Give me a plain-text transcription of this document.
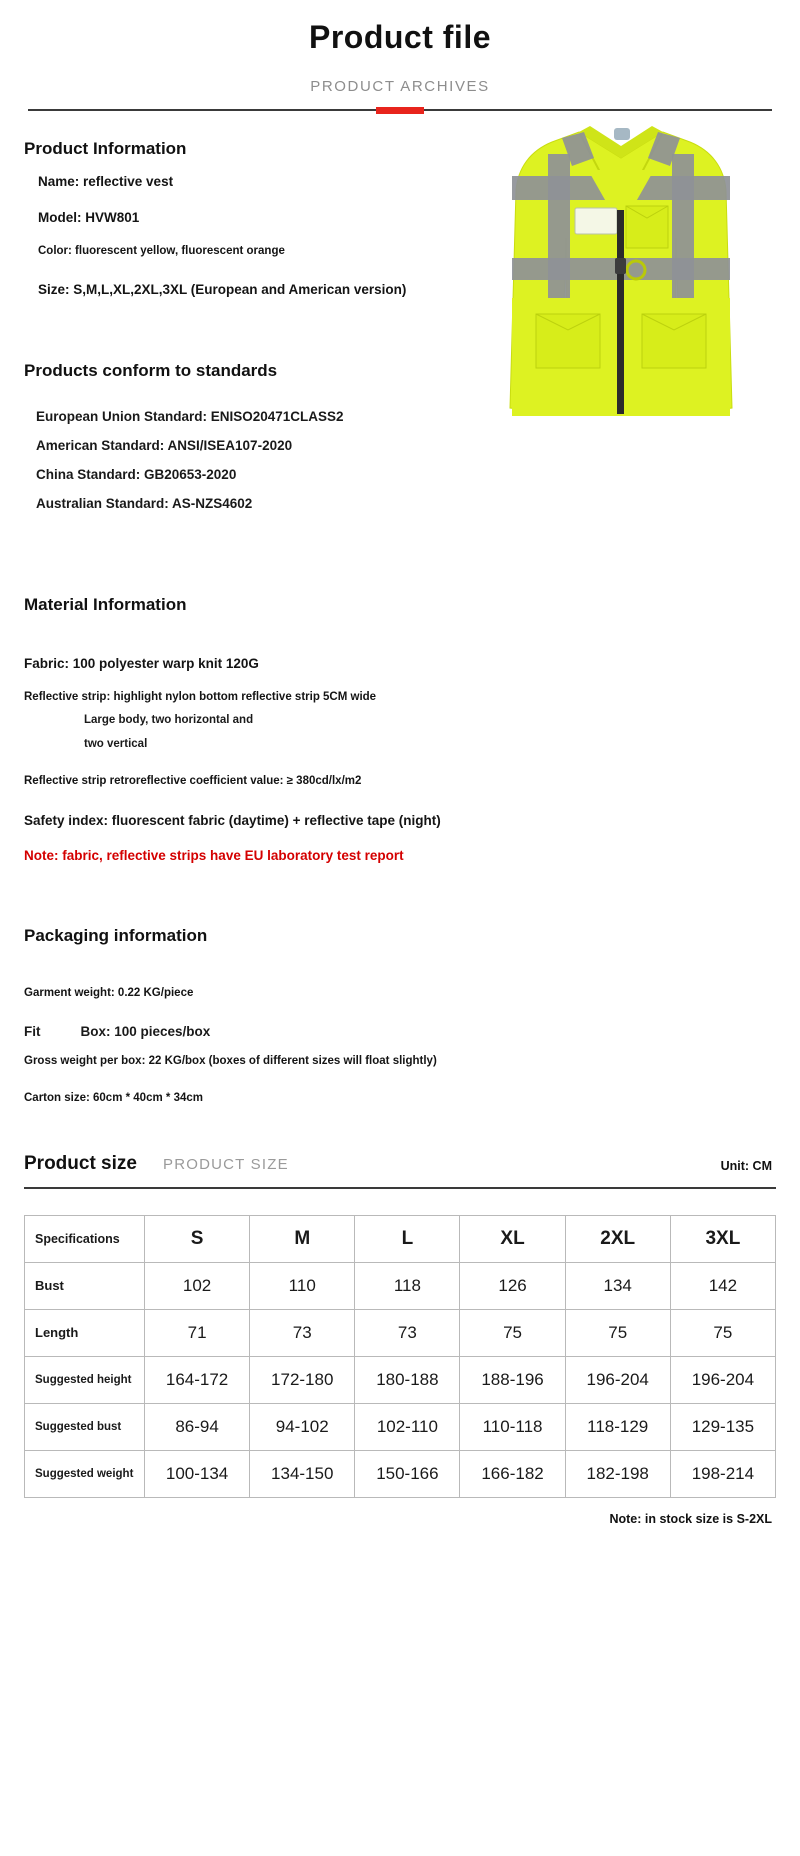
Product file
PRODUCT ARCHIVES
Product Information

Name: reflective vest

Model: HVW801

Color: fluorescent yellow, fluorescent orange

Size: S,M,L,XL,2XL,3XL (European and American version)

Products conform to standards

European Union Standard: ENISO20471CLASS2

American Standard: ANSI/ISEA107-2020

China Standard: GB20653-2020

Australian Standard: AS-NZS4602

Material Information

Fabric: 100 polyester warp knit 120G

Reflective strip: highlight nylon bottom reflective strip 5CM wide

Large body, two horizontal and

two vertical

Reflective strip retroreflective coefficient value: ≥ 380cd/lx/m2

Safety index: fluorescent fabric (daytime) + reflective tape (night)

Note: fabric, reflective strips have EU laboratory test report

Packaging information

Garment weight: 0.22 KG/piece

Fit	Box: 100 pieces/box

Gross weight per box: 22 KG/box (boxes of different sizes will float slightly)

Carton size: 60cm * 40cm * 34cm

Product size PRODUCT SIZE	Unit: CM
Specifications	S	M	L	XL	2XL	3XL
Bust	102	110	118	126	134	142
Length	71	73	73	75	75	75
Suggested height	164-172	172-180	180-188	188-196	196-204	196-204
Suggested bust	86-94	94-102	102-110	110-118	118-129	129-135
Suggested weight	100-134	134-150	150-166	166-182	182-198	198-214
Note: in stock size is S-2XL
